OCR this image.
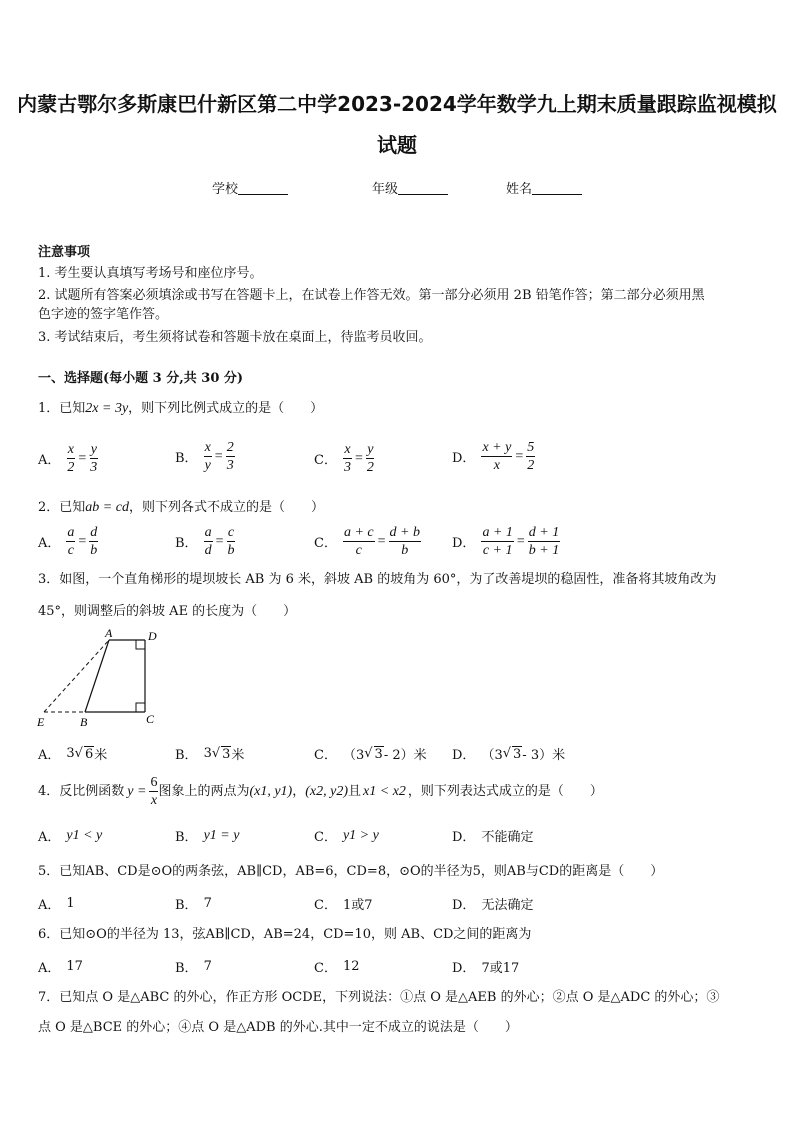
内蒙古鄂尔多斯康巴什新区第二中学2023-2024学年数学九上期末质量跟踪监视模拟
试题
学校	年级	姓名
注意事项
1. 考生要认真填写考场号和座位序号。
2. 试题所有答案必须填涂或书写在答题卡上，在试卷上作答无效。第一部分必须用 2B 铅笔作答；第二部分必须用黑
色字迹的签字笔作答。
3. 考试结束后，考生须将试卷和答题卡放在桌面上，待监考员收回。
一、选择题(每小题 3 分,共 30 分)
1．已知2x = 3y，则下列比例式成立的是（　　）
A． $\frac{x}{2} = \frac{y}{3}$	B． $\frac{x}{y} = \frac{2}{3}$	C． $\frac{x}{3} = \frac{y}{2}$	D． $\frac{x + y}{x} = \frac{5}{2}$
2．已知ab = cd，则下列各式不成立的是（　　）
A． $\frac{a}{c} = \frac{d}{b}$	B． $\frac{a}{d} = \frac{c}{b}$	C． $\frac{a + c}{c} = \frac{d + b}{b}$ D． $\frac{a + 1}{c + 1} = \frac{d + 1}{b + 1}$
3．如图，一个直角梯形的堤坝坡长 AB 为 6 米，斜坡 AB 的坡角为 60°，为了改善堤坝的稳固性，准备将其坡角改为
45°，则调整后的斜坡 AE 的长度为（　　）
A	D
E	B	C
A． 3 √ 6 米	B． 3 √ 3 米	C． （3 √ 3 - 2）米 D． （3 √ 3 - 3）米
4．反比例函数 $y = \frac{6}{x}$ 图象上的两点为 (x1, y1) ， (x2, y2) 且 x1 < x2 ，则下列表达式成立的是（　　）
A． y1 < y	B． y1 = y	C． y1 > y	D． 不能确定
5．已知AB、CD是⊙O的两条弦，AB∥CD，AB=6，CD=8，⊙O的半径为5，则AB与CD的距离是（　　）
A． 1	B． 7	C． 1或7	D． 无法确定
6．已知⊙O的半径为 13，弦AB∥CD，AB=24，CD=10，则 AB、CD之间的距离为
A． 17	B． 7	C． 12	D． 7或17
7．已知点 O 是△ABC 的外心，作正方形 OCDE，下列说法：①点 O 是△AEB 的外心；②点 O 是△ADC 的外心；③
点 O 是△BCE 的外心；④点 O 是△ADB 的外心.其中一定不成立的说法是（　　）
